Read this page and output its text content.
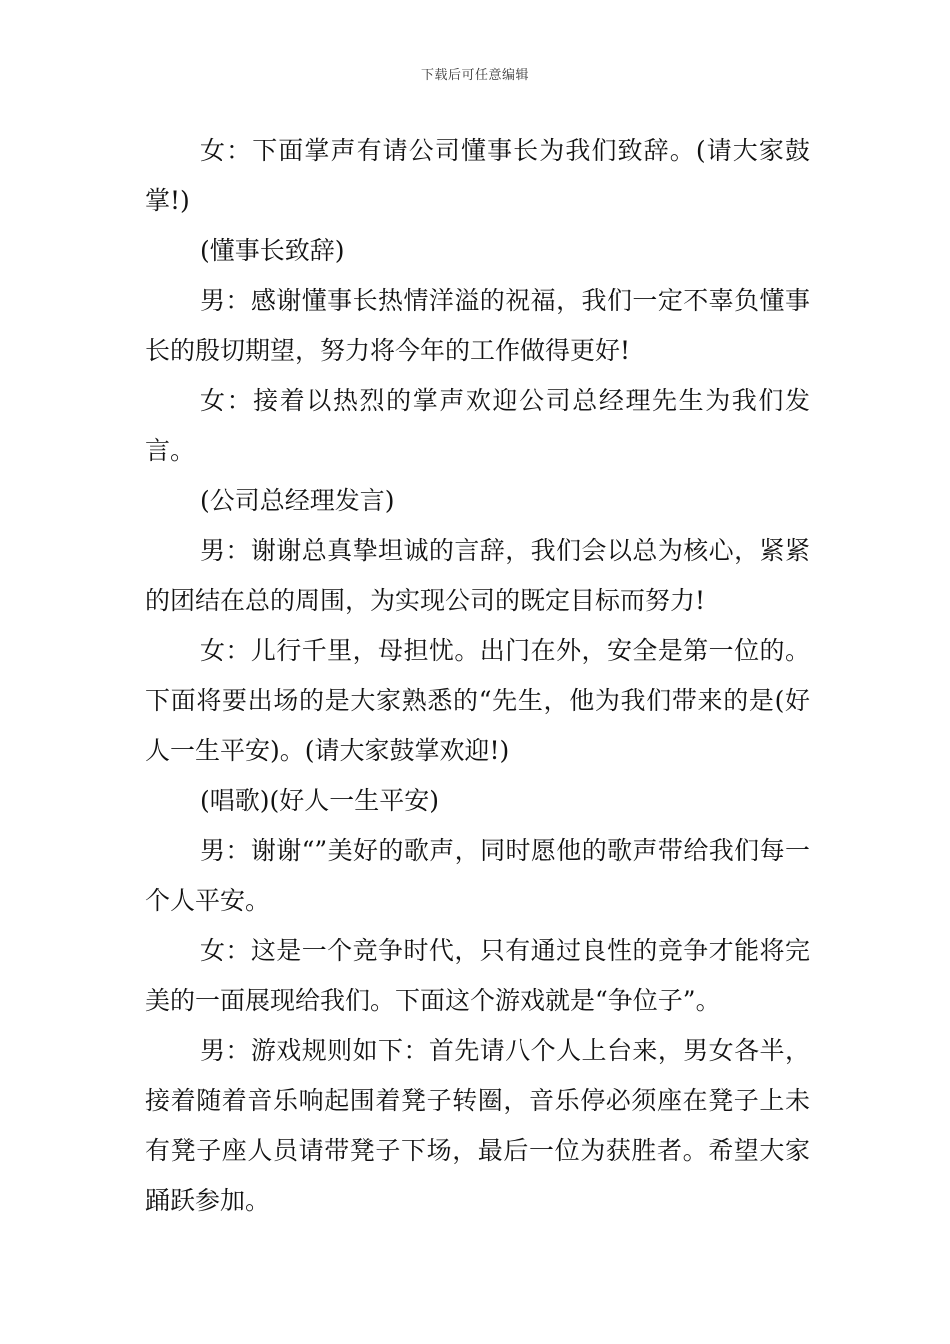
下载后可任意编辑

女：下面掌声有请公司懂事长为我们致辞。(请大家鼓掌!)

(懂事长致辞)

男：感谢懂事长热情洋溢的祝福，我们一定不辜负懂事长的殷切期望，努力将今年的工作做得更好!

女：接着以热烈的掌声欢迎公司总经理先生为我们发言。

(公司总经理发言)

男：谢谢总真挚坦诚的言辞，我们会以总为核心，紧紧的团结在总的周围，为实现公司的既定目标而努力!

女：儿行千里，母担忧。出门在外，安全是第一位的。下面将要出场的是大家熟悉的“先生，他为我们带来的是(好人一生平安)。(请大家鼓掌欢迎!)

(唱歌)(好人一生平安)

男：谢谢“”美好的歌声，同时愿他的歌声带给我们每一个人平安。

女：这是一个竞争时代，只有通过良性的竞争才能将完美的一面展现给我们。下面这个游戏就是“争位子”。

男：游戏规则如下：首先请八个人上台来，男女各半，接着随着音乐响起围着凳子转圈，音乐停必须座在凳子上未有凳子座人员请带凳子下场，最后一位为获胜者。希望大家踊跃参加。
